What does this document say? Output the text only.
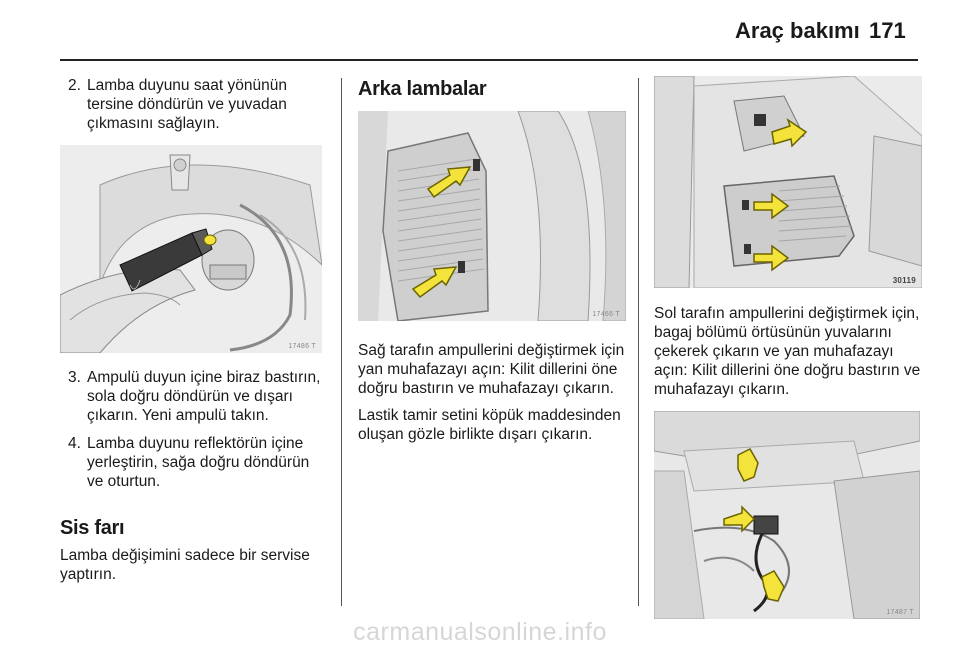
Araç bakımı 171
2. Lamba duyunu saat yönünün tersine döndürün ve yuvadan çıkmasını sağlayın.
17486 T
3. Ampulü duyun içine biraz bastırın, sola doğru döndürün ve dışarı çıkarın. Yeni ampulü takın.
4. Lamba duyunu reflektörün içine yerleştirin, sağa doğru döndürün ve oturtun.
Sis farı

Lamba değişimini sadece bir servise yaptırın.

Arka lambalar
17466 T

Sağ tarafın ampullerini değiştirmek için yan muhafazayı açın: Kilit dillerini öne doğru bastırın ve muhafazayı çıkarın.

Lastik tamir setini köpük maddesinden oluşan gözle birlikte dışarı çıkarın.

30119

Sol tarafın ampullerini değiştirmek için, bagaj bölümü örtüsünün yuvalarını çekerek çıkarın ve yan muhafazayı açın: Kilit dillerini öne doğru bastırın ve muhafazayı çıkarın.

17487 T
carmanualsonline.info
